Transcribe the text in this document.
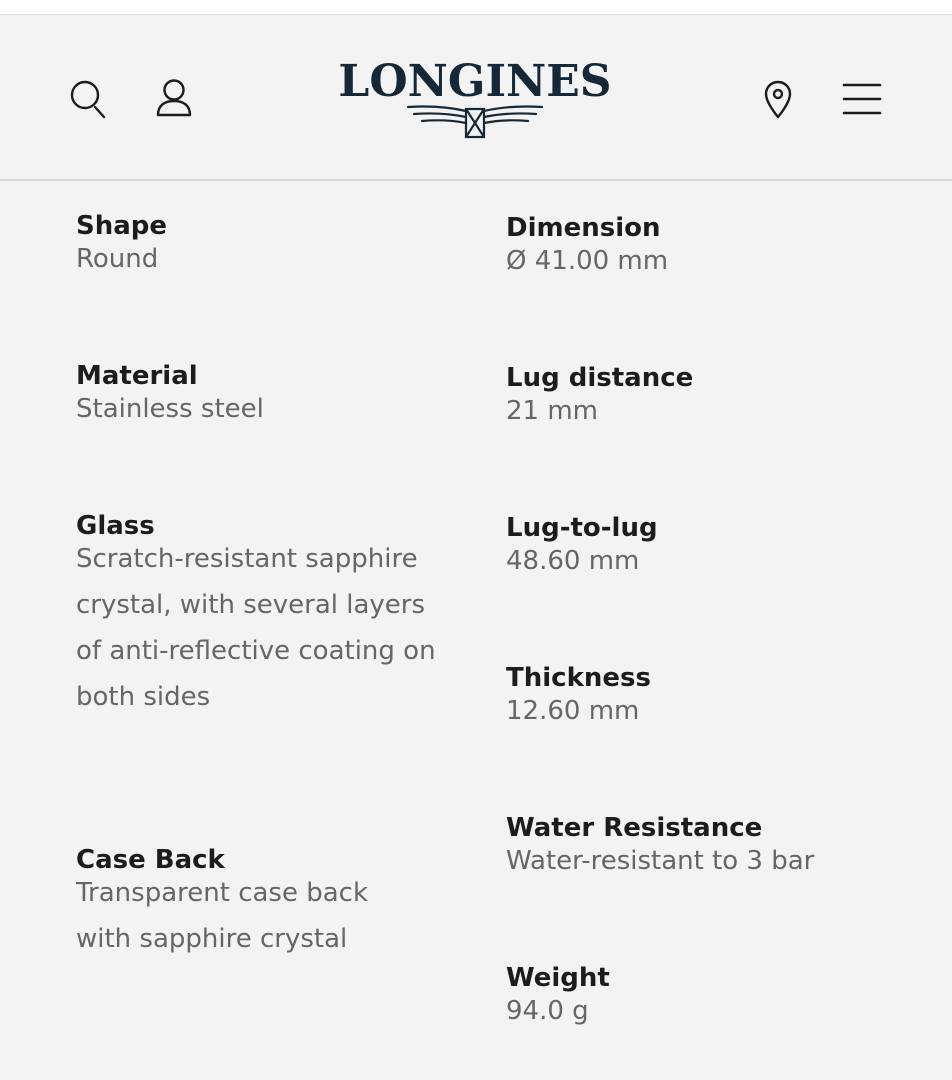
LONGINES
Shape
Round
Material
Stainless steel
Glass
Scratch-resistant sapphire crystal, with several layers of anti-reflective coating on both sides
Case Back
Transparent case back with sapphire crystal
Dimension
Ø 41.00 mm
Lug distance
21 mm
Lug-to-lug
48.60 mm
Thickness
12.60 mm
Water Resistance
Water-resistant to 3 bar
Weight
94.0 g
